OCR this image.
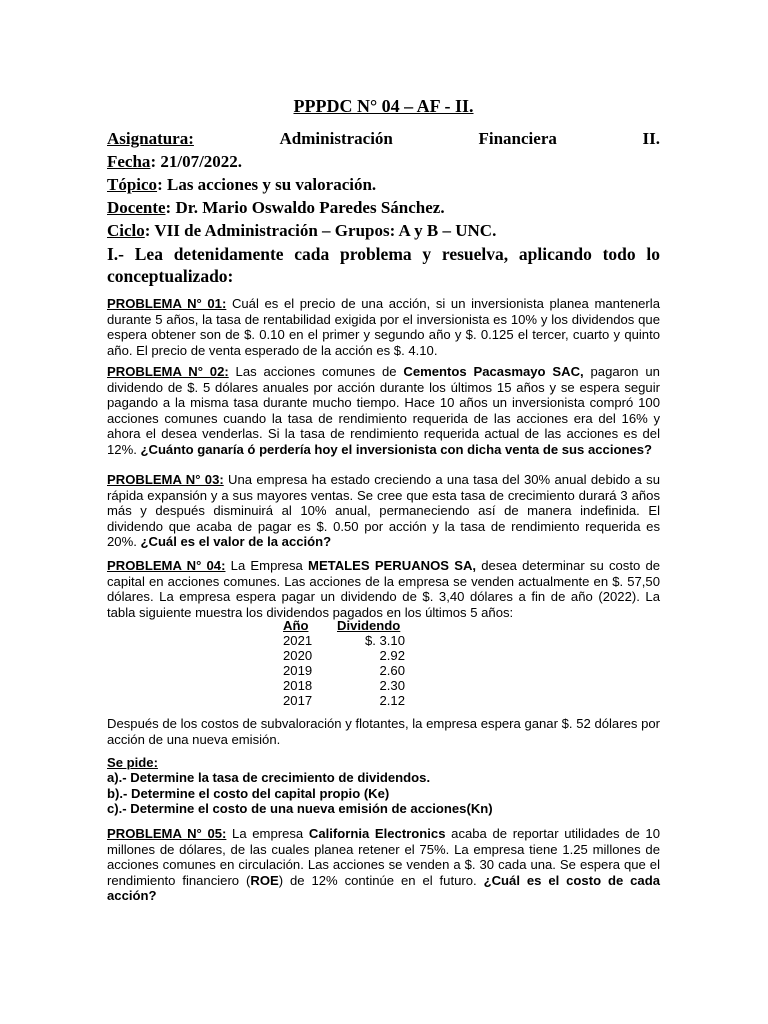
PPPDC N° 04 – AF - II.
Asignatura:	Administración	Financiera	II.
Fecha: 21/07/2022.
Tópico: Las acciones y su valoración.
Docente: Dr. Mario Oswaldo Paredes Sánchez.
Ciclo: VII de Administración – Grupos: A y B – UNC.
I.- Lea detenidamente cada problema y resuelva, aplicando todo lo conceptualizado:
PROBLEMA N° 01: Cuál es el precio de una acción, si un inversionista planea mantenerla durante 5 años, la tasa de rentabilidad exigida por el inversionista es 10% y los dividendos que espera obtener son de $. 0.10 en el primer y segundo año y $. 0.125 el tercer, cuarto y quinto año. El precio de venta esperado de la acción es $. 4.10.
PROBLEMA N° 02: Las acciones comunes de Cementos Pacasmayo SAC, pagaron un dividendo de $. 5 dólares anuales por acción durante los últimos 15 años y se espera seguir pagando a la misma tasa durante mucho tiempo. Hace 10 años un inversionista compró 100 acciones comunes cuando la tasa de rendimiento requerida de las acciones era del 16% y ahora el desea venderlas. Si la tasa de rendimiento requerida actual de las acciones es del 12%. ¿Cuánto ganaría ó perdería hoy el inversionista con dicha venta de sus acciones?
PROBLEMA N° 03: Una empresa ha estado creciendo a una tasa del 30% anual debido a su rápida expansión y a sus mayores ventas. Se cree que esta tasa de crecimiento durará 3 años más y después disminuirá al 10% anual, permaneciendo así de manera indefinida. El dividendo que acaba de pagar es $. 0.50 por acción y la tasa de rendimiento requerida es 20%. ¿Cuál es el valor de la acción?
PROBLEMA N° 04: La Empresa METALES PERUANOS SA, desea determinar su costo de capital en acciones comunes. Las acciones de la empresa se venden actualmente en $. 57,50 dólares. La empresa espera pagar un dividendo de $. 3,40 dólares a fin de año (2022). La tabla siguiente muestra los dividendos pagados en los últimos 5 años:
Año	Dividendo
2021	$. 3.10
2020	2.92
2019	2.60
2018	2.30
2017	2.12
Después de los costos de subvaloración y flotantes, la empresa espera ganar $. 52 dólares por acción de una nueva emisión.
Se pide:
a).- Determine la tasa de crecimiento de dividendos.
b).- Determine el costo del capital propio (Ke)
c).- Determine el costo de una nueva emisión de acciones(Kn)
PROBLEMA N° 05: La empresa California Electronics acaba de reportar utilidades de 10 millones de dólares, de las cuales planea retener el 75%. La empresa tiene 1.25 millones de acciones comunes en circulación. Las acciones se venden a $. 30 cada una. Se espera que el rendimiento financiero (ROE) de 12% continúe en el futuro. ¿Cuál es el costo de cada acción?
